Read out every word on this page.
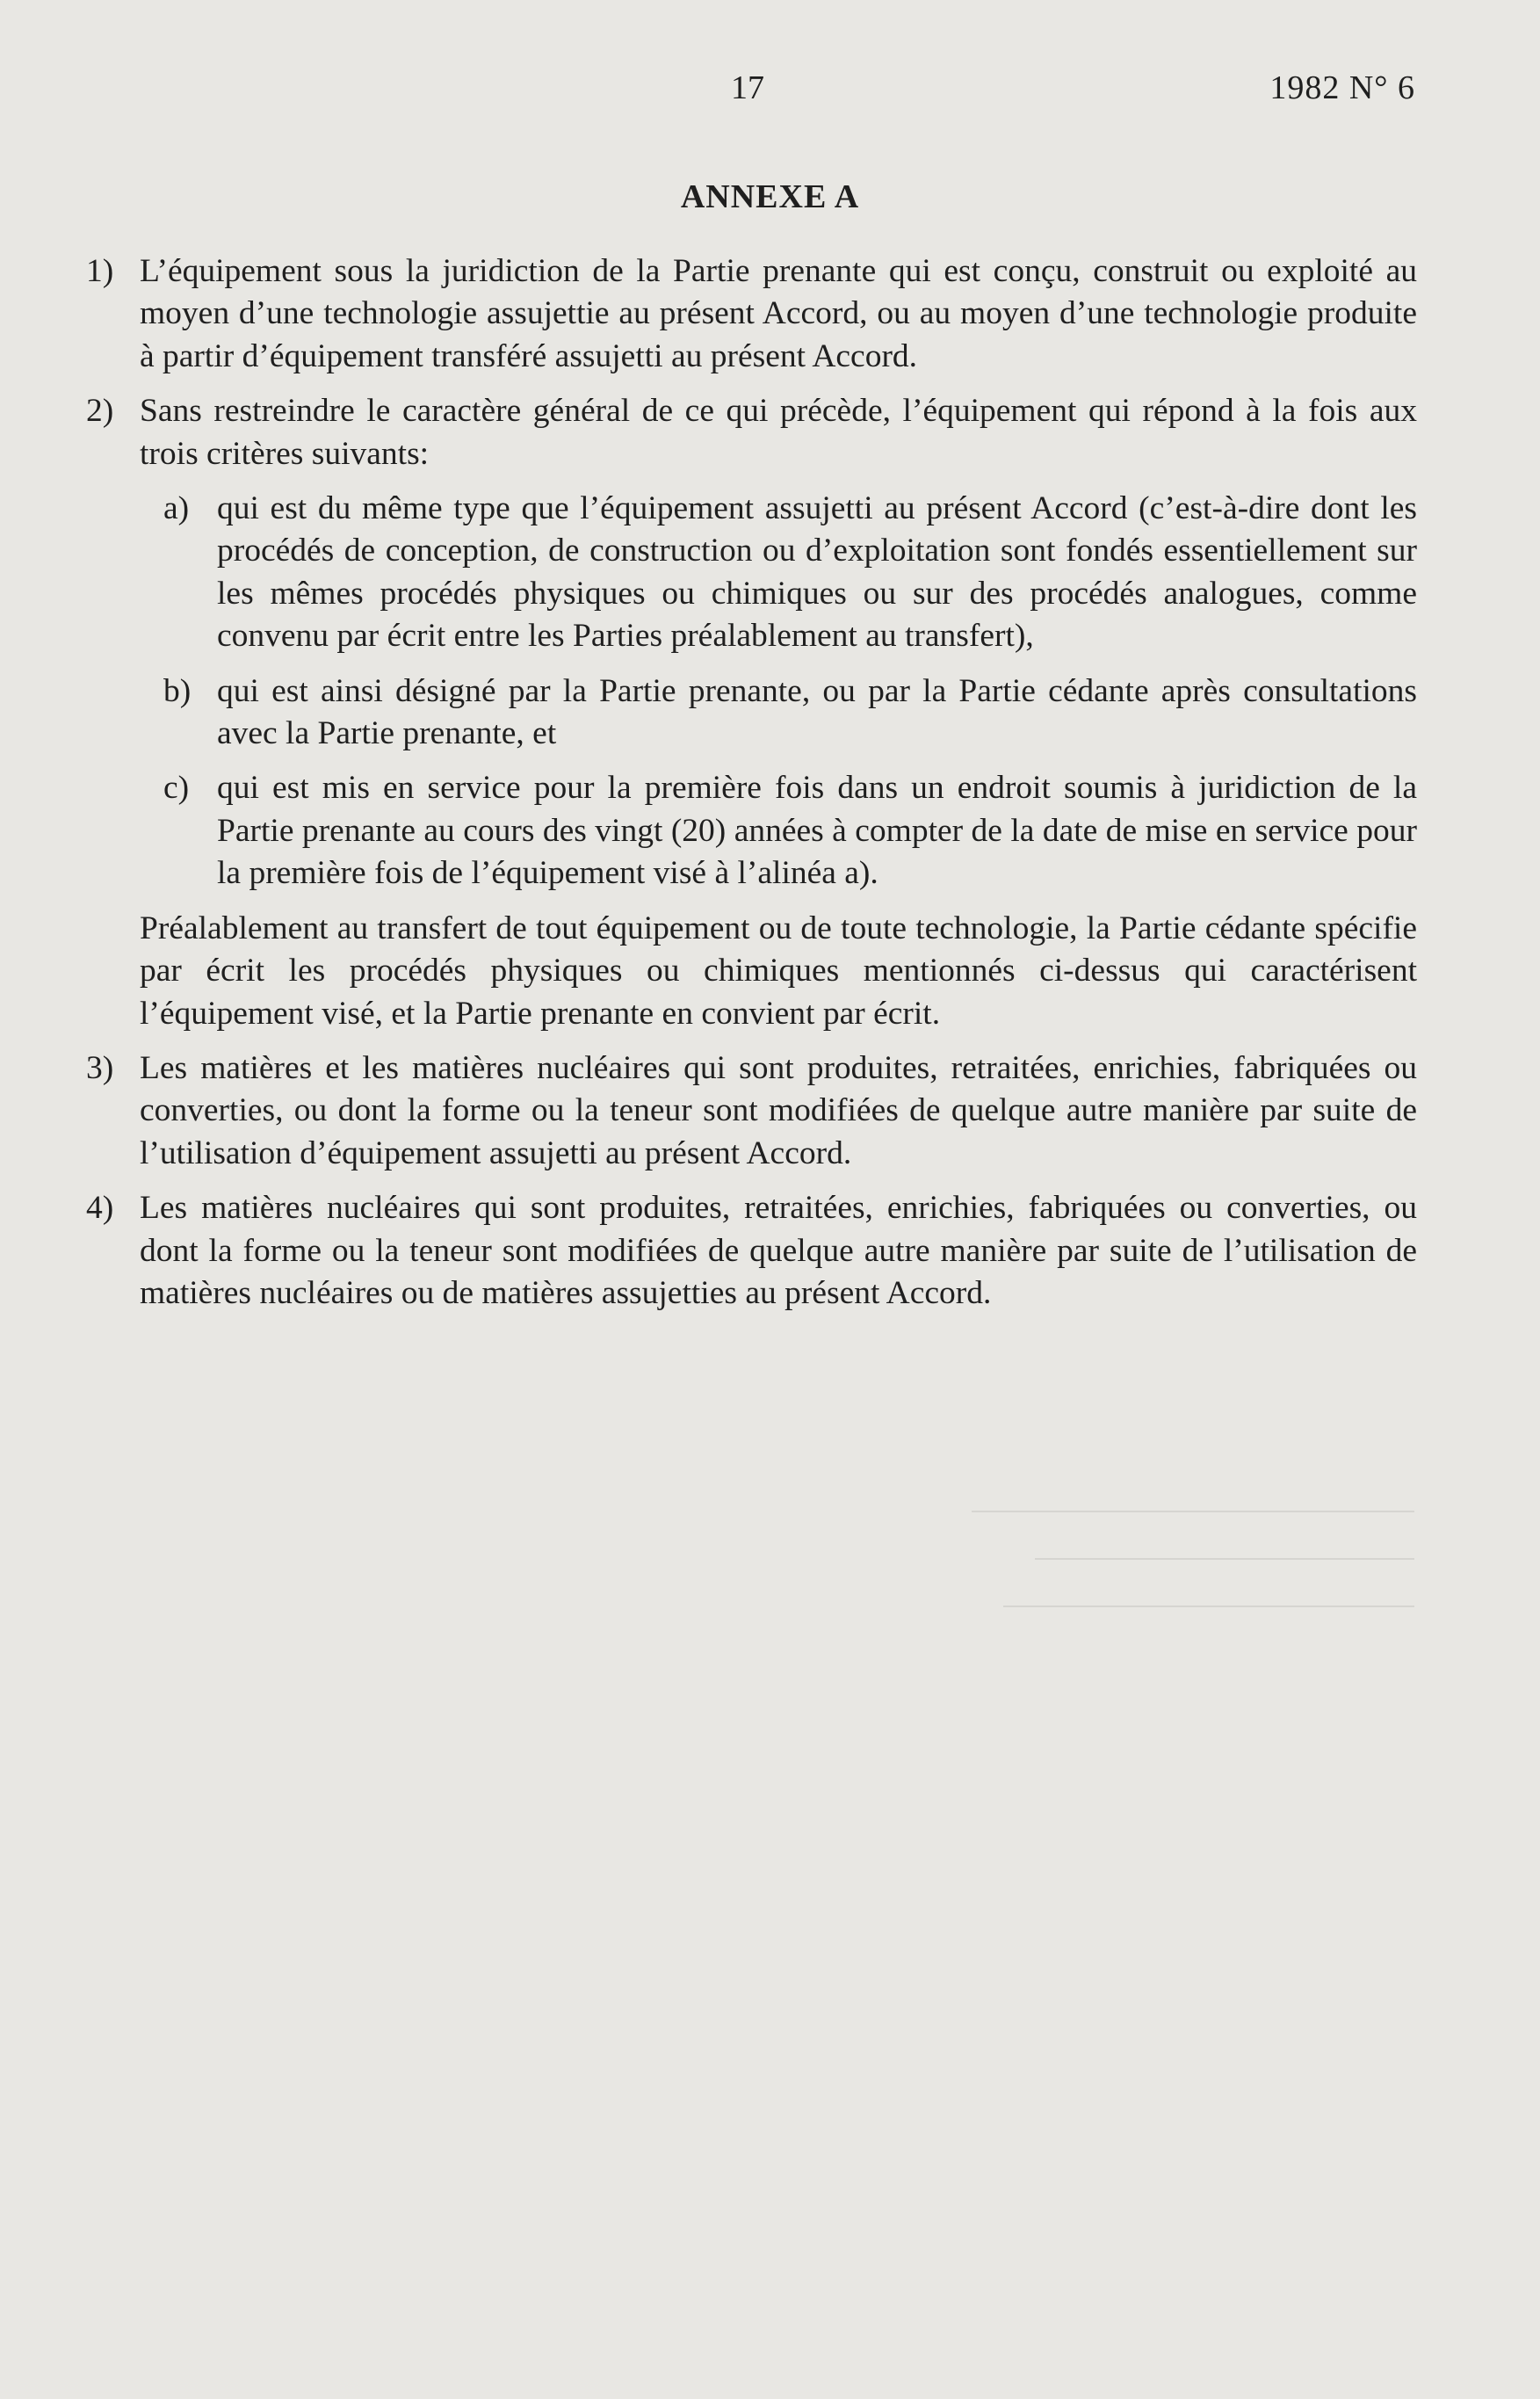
17	1982 N° 6
ANNEXE A
1) L’équipement sous la juridiction de la Partie prenante qui est conçu, construit ou exploité au moyen d’une technologie assujettie au présent Accord, ou au moyen d’une technologie produite à partir d’équipement transféré assujetti au présent Accord.
2) Sans restreindre le caractère général de ce qui précède, l’équipement qui répond à la fois aux trois critères suivants:
a) qui est du même type que l’équipement assujetti au présent Accord (c’est-à-dire dont les procédés de conception, de construction ou d’exploitation sont fondés essentiellement sur les mêmes procédés physiques ou chimiques ou sur des procédés analogues, comme convenu par écrit entre les Parties préalablement au transfert),
b) qui est ainsi désigné par la Partie prenante, ou par la Partie cédante après consultations avec la Partie prenante, et
c) qui est mis en service pour la première fois dans un endroit soumis à juridiction de la Partie prenante au cours des vingt (20) années à compter de la date de mise en service pour la première fois de l’équipement visé à l’alinéa a).
Préalablement au transfert de tout équipement ou de toute technologie, la Partie cédante spécifie par écrit les procédés physiques ou chimiques mentionnés ci-dessus qui caractérisent l’équipement visé, et la Partie prenante en convient par écrit.
3) Les matières et les matières nucléaires qui sont produites, retraitées, enrichies, fabriquées ou converties, ou dont la forme ou la teneur sont modifiées de quelque autre manière par suite de l’utilisation d’équipement assujetti au présent Accord.
4) Les matières nucléaires qui sont produites, retraitées, enrichies, fabriquées ou converties, ou dont la forme ou la teneur sont modifiées de quelque autre manière par suite de l’utilisation de matières nucléaires ou de matières assujetties au présent Accord.
⎯⎯⎯⎯⎯⎯⎯⎯⎯⎯⎯⎯⎯⎯⎯⎯⎯⎯⎯⎯⎯⎯⎯⎯⎯⎯⎯⎯
⎯⎯⎯⎯⎯⎯⎯⎯⎯⎯⎯⎯⎯⎯⎯⎯⎯⎯⎯⎯⎯⎯⎯⎯
⎯⎯⎯⎯⎯⎯⎯⎯⎯⎯⎯⎯⎯⎯⎯⎯⎯⎯⎯⎯⎯⎯⎯⎯⎯⎯
